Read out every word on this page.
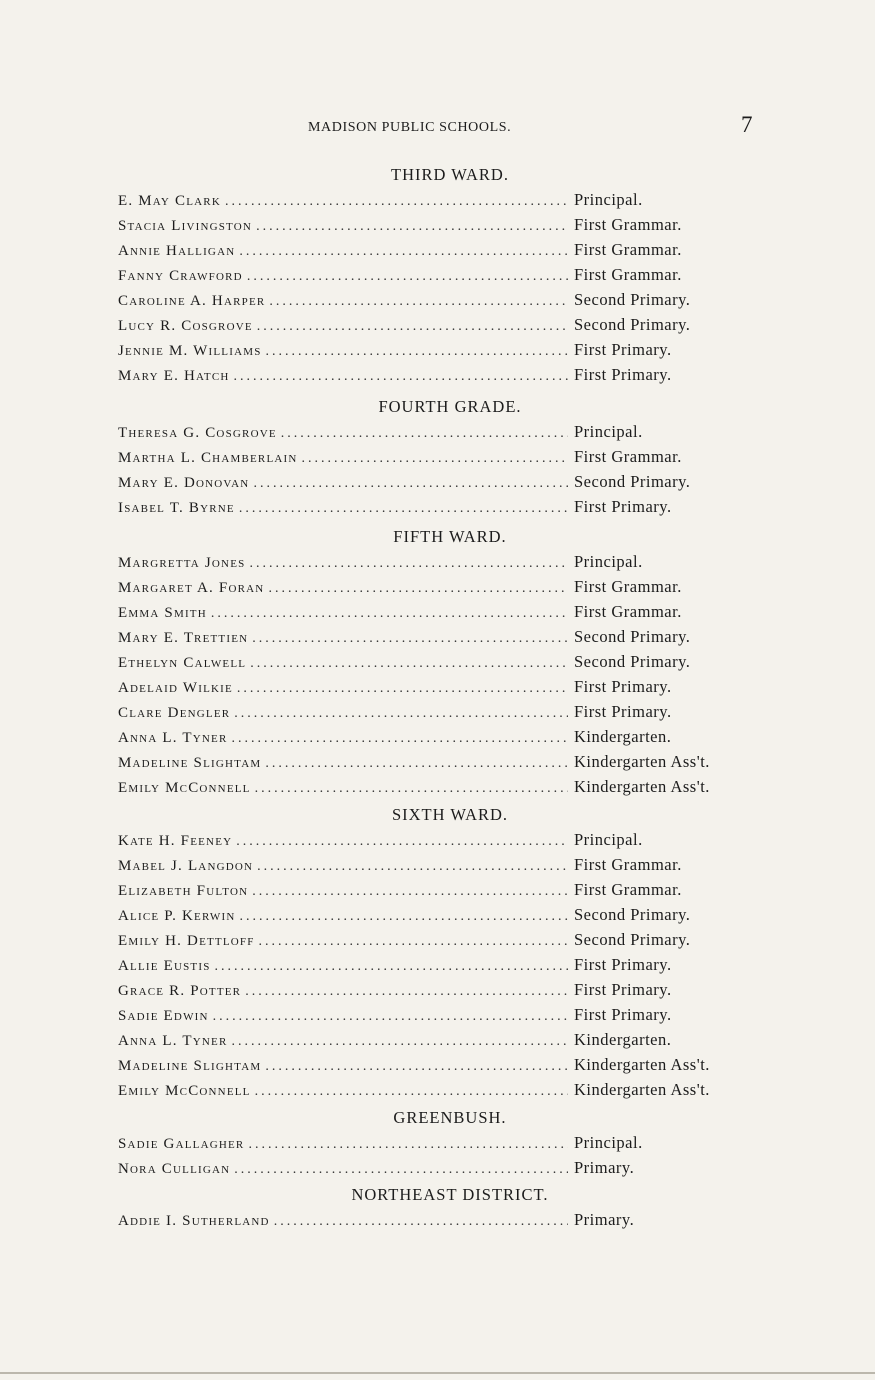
MADISON PUBLIC SCHOOLS.	7
THIRD WARD.
E. May Clark .....	Principal.
Stacia Livingston .....	First Grammar.
Annie Halligan .....	First Grammar.
Fanny Crawford .....	First Grammar.
Caroline A. Harper .....	Second Primary.
Lucy R. Cosgrove .....	Second Primary.
Jennie M. Williams .....	First Primary.
Mary E. Hatch .....	First Primary.
FOURTH GRADE.
Theresa G. Cosgrove .....	Principal.
Martha L. Chamberlain .....	First Grammar.
Mary E. Donovan .....	Second Primary.
Isabel T. Byrne .....	First Primary.
FIFTH WARD.
Margretta Jones .....	Principal.
Margaret A. Foran .....	First Grammar.
Emma Smith .....	First Grammar.
Mary E. Trettien .....	Second Primary.
Ethelyn Calwell .....	Second Primary.
Adelaid Wilkie .....	First Primary.
Clare Dengler .....	First Primary.
Anna L. Tyner .....	Kindergarten.
Madeline Slightam .....	Kindergarten Ass't.
Emily McConnell .....	Kindergarten Ass't.
SIXTH WARD.
Kate H. Feeney .....	Principal.
Mabel J. Langdon .....	First Grammar.
Elizabeth Fulton .....	First Grammar.
Alice P. Kerwin .....	Second Primary.
Emily H. Dettloff .....	Second Primary.
Allie Eustis .....	First Primary.
Grace R. Potter .....	First Primary.
Sadie Edwin .....	First Primary.
Anna L. Tyner .....	Kindergarten.
Madeline Slightam .....	Kindergarten Ass't.
Emily McConnell .....	Kindergarten Ass't.
GREENBUSH.
Sadie Gallagher .....	Principal.
Nora Culligan .....	Primary.
NORTHEAST DISTRICT.
Addie I. Sutherland .....	Primary.
